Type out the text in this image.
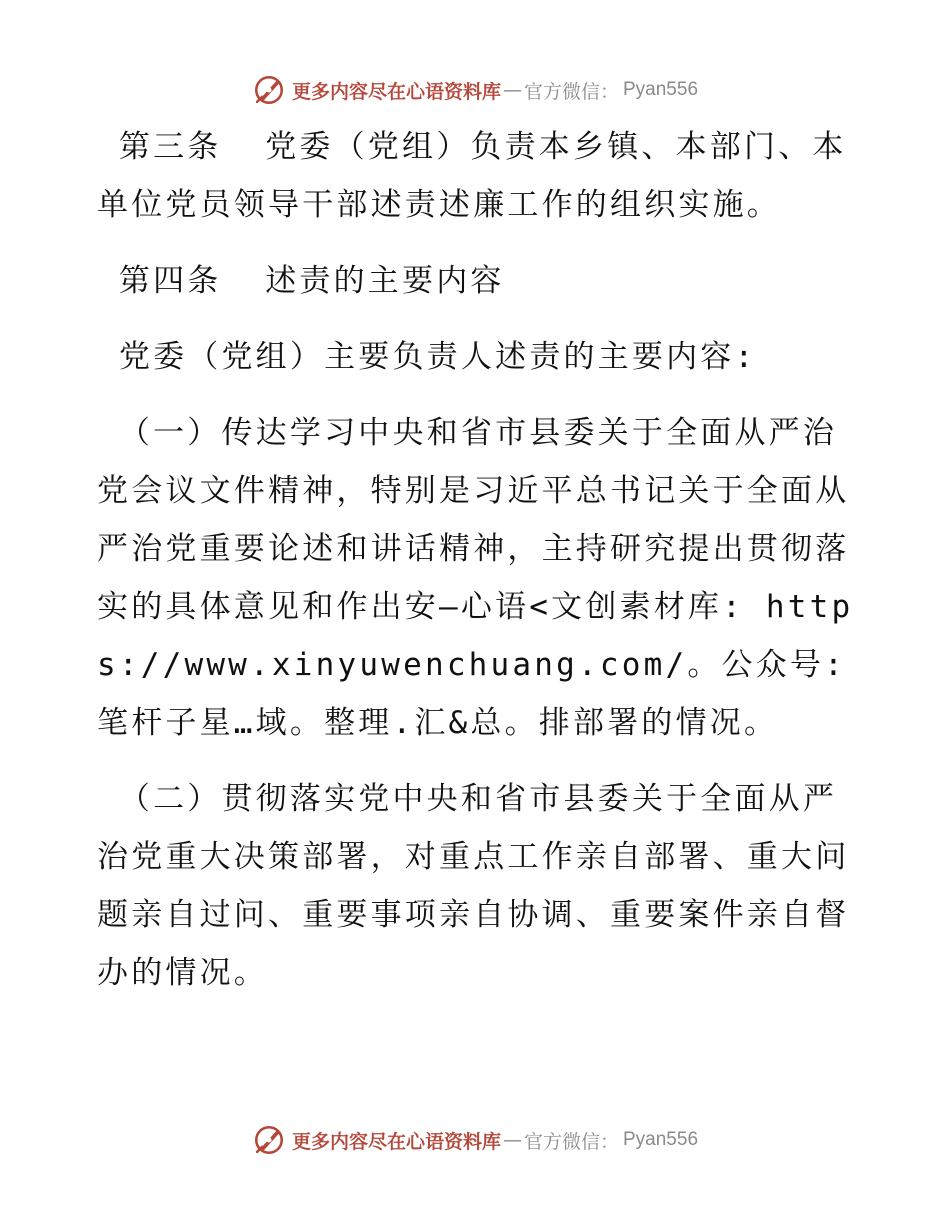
更多内容尽在心语资料库 — 官方微信： Pyan556

第三条  党委（党组）负责本乡镇、本部门、本单位党员领导干部述责述廉工作的组织实施。

第四条  述责的主要内容

党委（党组）主要负责人述责的主要内容:

（一）传达学习中央和省市县委关于全面从严治党会议文件精神，特别是习近平总书记关于全面从严治党重要论述和讲话精神，主持研究提出贯彻落实的具体意见和作出安—心语<文创素材库: https://www.xinyuwenchuang.com/。公众号: 笔杆子星…域。整理.汇&总。排部署的情况。

（二）贯彻落实党中央和省市县委关于全面从严治党重大决策部署，对重点工作亲自部署、重大问题亲自过问、重要事项亲自协调、重要案件亲自督办的情况。

更多内容尽在心语资料库 — 官方微信： Pyan556
